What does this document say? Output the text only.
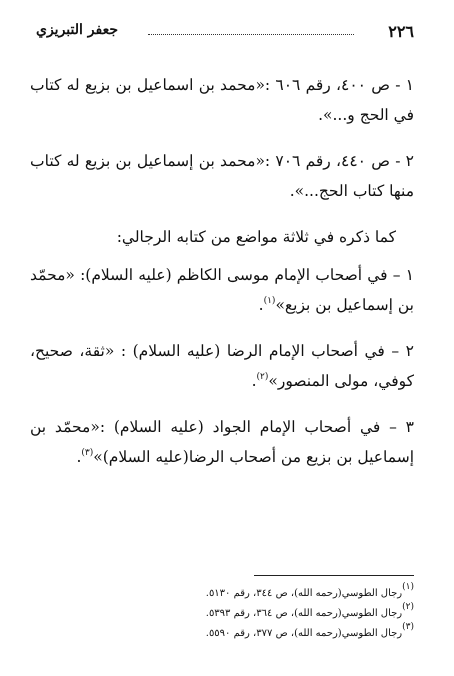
٢٢٦
جعفر التبريزي

١ - ص ٤٠٠، رقم ٦٠٦ :«محمد بن اسماعيل بن بزيع له كتاب في الحج و...».

٢ - ص ٤٤٠، رقم ٧٠٦ :«محمد بن إسماعيل بن بزيع له كتاب منها كتاب الحج...».

كما ذكره في ثلاثة مواضع من كتابه الرجالي:

١ – في أصحاب الإمام موسى الكاظم (عليه السلام): «محمّد بن إسماعيل بن بزيع»$^{(١)}$.

٢ – في أصحاب الإمام الرضا (عليه السلام) : «ثقة، صحيح، كوفي، مولى المنصور»$^{(٢)}$.

٣ – في أصحاب الإمام الجواد (عليه السلام) :«محمّد بن إسماعيل بن بزيع من أصحاب الرضا(عليه السلام)»$^{(٣)}$.

$^{(١)}$رجال الطوسي(رحمه الله)، ص ٣٤٤، رقم ٥١٣٠.

$^{(٢)}$رجال الطوسي(رحمه الله)، ص ٣٦٤، رقم ٥٣٩٣.

$^{(٣)}$رجال الطوسي(رحمه الله)، ص ٣٧٧، رقم ٥٥٩٠.
